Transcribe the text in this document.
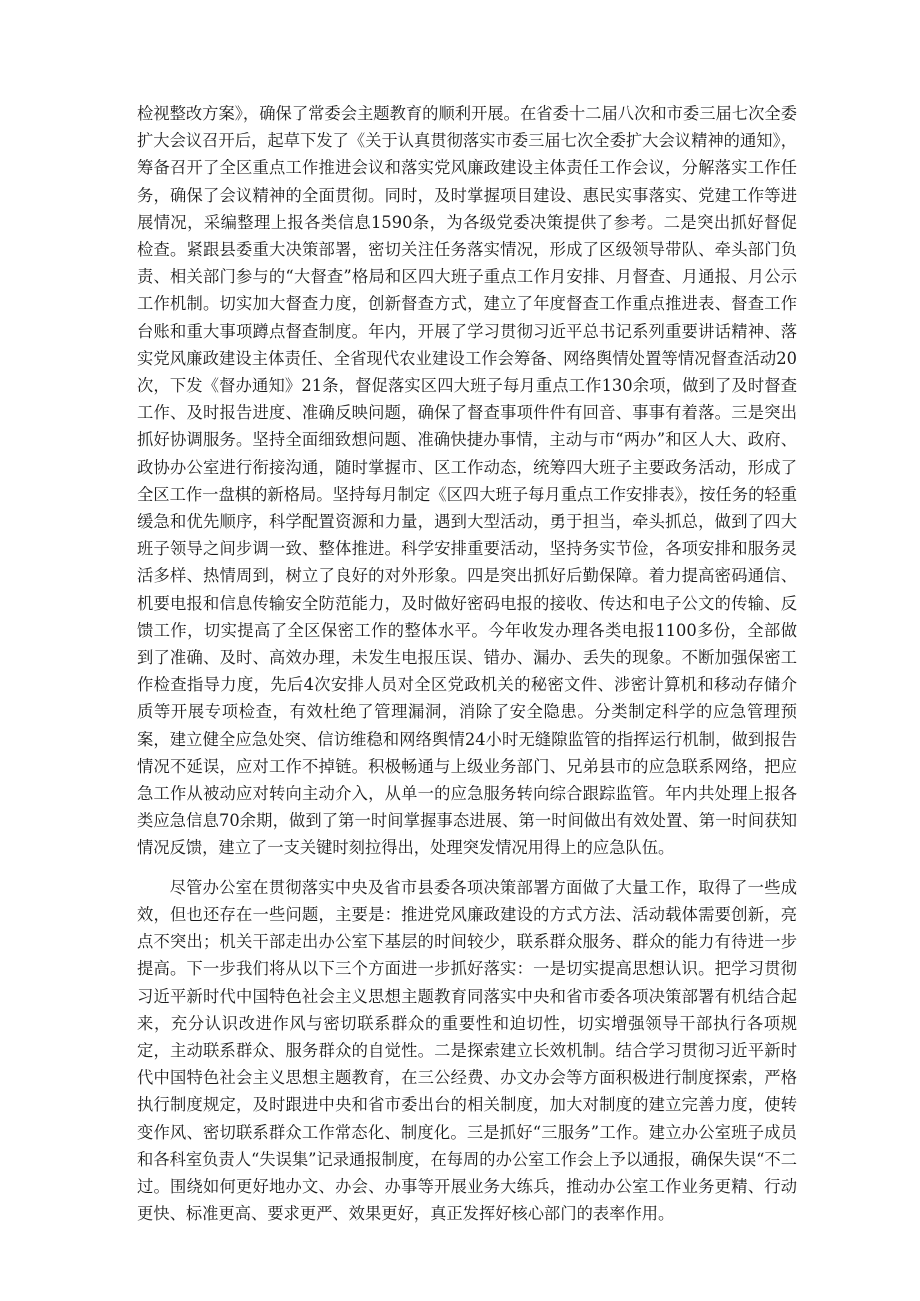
检视整改方案》，确保了常委会主题教育的顺利开展。在省委十二届八次和市委三届七次全委扩大会议召开后，起草下发了《关于认真贯彻落实市委三届七次全委扩大会议精神的通知》，筹备召开了全区重点工作推进会议和落实党风廉政建设主体责任工作会议，分解落实工作任务，确保了会议精神的全面贯彻。同时，及时掌握项目建设、惠民实事落实、党建工作等进展情况，采编整理上报各类信息1590条，为各级党委决策提供了参考。二是突出抓好督促检查。紧跟县委重大决策部署，密切关注任务落实情况，形成了区级领导带队、牵头部门负责、相关部门参与的“大督查”格局和区四大班子重点工作月安排、月督查、月通报、月公示工作机制。切实加大督查力度，创新督查方式，建立了年度督查工作重点推进表、督查工作台账和重大事项蹲点督查制度。年内，开展了学习贯彻习近平总书记系列重要讲话精神、落实党风廉政建设主体责任、全省现代农业建设工作会筹备、网络舆情处置等情况督查活动20次，下发《督办通知》21条，督促落实区四大班子每月重点工作130余项，做到了及时督查工作、及时报告进度、准确反映问题，确保了督查事项件件有回音、事事有着落。三是突出抓好协调服务。坚持全面细致想问题、准确快捷办事情，主动与市“两办”和区人大、政府、政协办公室进行衔接沟通，随时掌握市、区工作动态，统筹四大班子主要政务活动，形成了全区工作一盘棋的新格局。坚持每月制定《区四大班子每月重点工作安排表》，按任务的轻重缓急和优先顺序，科学配置资源和力量，遇到大型活动，勇于担当，牵头抓总，做到了四大班子领导之间步调一致、整体推进。科学安排重要活动，坚持务实节俭，各项安排和服务灵活多样、热情周到，树立了良好的对外形象。四是突出抓好后勤保障。着力提高密码通信、机要电报和信息传输安全防范能力，及时做好密码电报的接收、传达和电子公文的传输、反馈工作，切实提高了全区保密工作的整体水平。今年收发办理各类电报1100多份，全部做到了准确、及时、高效办理，未发生电报压误、错办、漏办、丢失的现象。不断加强保密工作检查指导力度，先后4次安排人员对全区党政机关的秘密文件、涉密计算机和移动存储介质等开展专项检查，有效杜绝了管理漏洞，消除了安全隐患。分类制定科学的应急管理预案，建立健全应急处突、信访维稳和网络舆情24小时无缝隙监管的指挥运行机制，做到报告情况不延误，应对工作不掉链。积极畅通与上级业务部门、兄弟县市的应急联系网络，把应急工作从被动应对转向主动介入，从单一的应急服务转向综合跟踪监管。年内共处理上报各类应急信息70余期，做到了第一时间掌握事态进展、第一时间做出有效处置、第一时间获知情况反馈，建立了一支关键时刻拉得出，处理突发情况用得上的应急队伍。

尽管办公室在贯彻落实中央及省市县委各项决策部署方面做了大量工作，取得了一些成效，但也还存在一些问题，主要是：推进党风廉政建设的方式方法、活动载体需要创新，亮点不突出；机关干部走出办公室下基层的时间较少，联系群众服务、群众的能力有待进一步提高。下一步我们将从以下三个方面进一步抓好落实：一是切实提高思想认识。把学习贯彻习近平新时代中国特色社会主义思想主题教育同落实中央和省市委各项决策部署有机结合起来，充分认识改进作风与密切联系群众的重要性和迫切性，切实增强领导干部执行各项规定，主动联系群众、服务群众的自觉性。二是探索建立长效机制。结合学习贯彻习近平新时代中国特色社会主义思想主题教育，在三公经费、办文办会等方面积极进行制度探索，严格执行制度规定，及时跟进中央和省市委出台的相关制度，加大对制度的建立完善力度，使转变作风、密切联系群众工作常态化、制度化。三是抓好“三服务”工作。建立办公室班子成员和各科室负责人“失误集”记录通报制度，在每周的办公室工作会上予以通报，确保失误“不二过。围绕如何更好地办文、办会、办事等开展业务大练兵，推动办公室工作业务更精、行动更快、标准更高、要求更严、效果更好，真正发挥好核心部门的表率作用。
